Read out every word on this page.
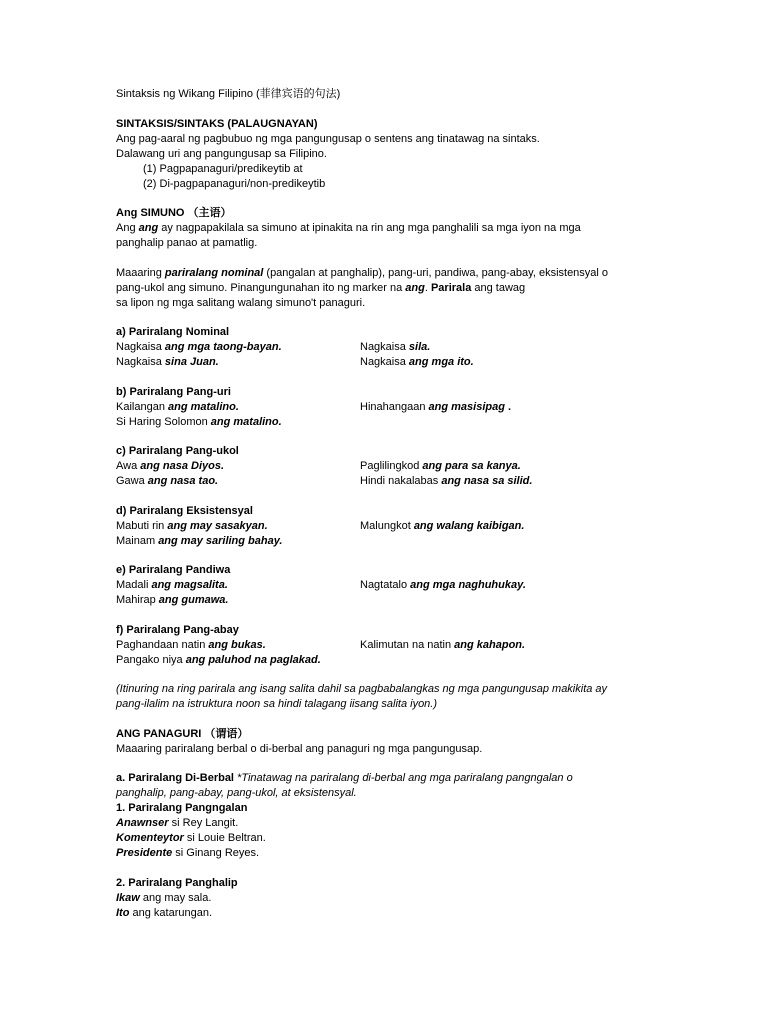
Sintaksis ng Wikang Filipino (菲律宾语的句法)
SINTAKSIS/SINTAKS (PALAUGNAYAN)
Ang pag-aaral ng pagbubuo ng mga pangungusap o sentens ang tinatawag na sintaks.
Dalawang uri ang pangungusap sa Filipino.
(1) Pagpapanaguri/predikeytib at
(2) Di-pagpapanaguri/non-predikeytib
Ang SIMUNO （主语）
Ang ang ay nagpapakilala sa simuno at ipinakita na rin ang mga panghalili sa mga iyon na mga
panghalip panao at pamatlig.
Maaaring pariralang nominal (pangalan at panghalip), pang-uri, pandiwa, pang-abay, eksistensyal o
pang-ukol ang simuno. Pinangungunahan ito ng marker na ang. Parirala ang tawag
sa lipon ng mga salitang walang simuno't panaguri.
a) Pariralang Nominal
Nagkaisa ang mga taong-bayan.	Nagkaisa sila.
Nagkaisa sina Juan.	Nagkaisa ang mga ito.
b) Pariralang Pang-uri
Kailangan ang matalino.	Hinahangaan ang masisipag .
Si Haring Solomon ang matalino.
c) Pariralang Pang-ukol
Awa ang nasa Diyos.	Paglilingkod ang para sa kanya.
Gawa ang nasa tao.	Hindi nakalabas ang nasa sa silid.
d) Pariralang Eksistensyal
Mabuti rin ang may sasakyan.	Malungkot ang walang kaibigan.
Mainam ang may sariling bahay.
e) Pariralang Pandiwa
Madali ang magsalita.	Nagtatalo ang mga naghuhukay.
Mahirap ang gumawa.
f) Pariralang Pang-abay
Paghandaan natin ang bukas.	Kalimutan na natin ang kahapon.
Pangako niya ang paluhod na paglakad.
(Itinuring na ring parirala ang isang salita dahil sa pagbabalangkas ng mga pangungusap makikita ay
pang-ilalim na istruktura noon sa hindi talagang iisang salita iyon.)
ANG PANAGURI （谓语）
Maaaring pariralang berbal o di-berbal ang panaguri ng mga pangungusap.
a. Pariralang Di-Berbal *Tinatawag na pariralang di-berbal ang mga pariralang pangngalan o
panghalip, pang-abay, pang-ukol, at eksistensyal.
1. Pariralang Pangngalan
Anawnser si Rey Langit.
Komenteytor si Louie Beltran.
Presidente si Ginang Reyes.
2. Pariralang Panghalip
Ikaw ang may sala.
Ito ang katarungan.
